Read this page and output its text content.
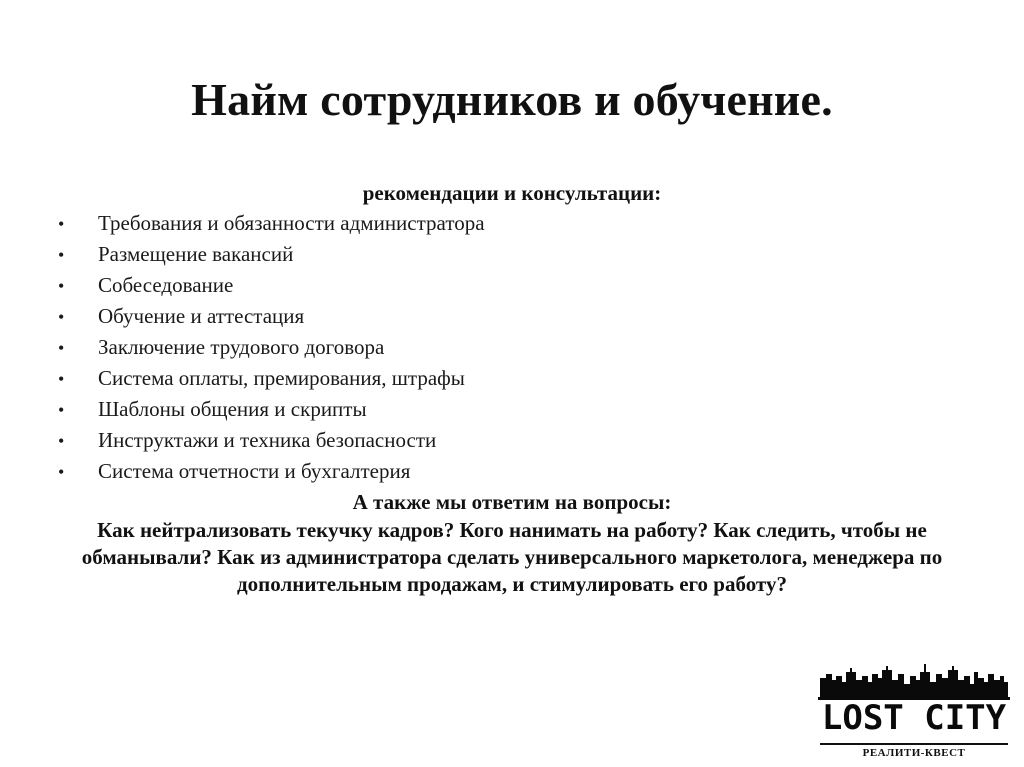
Найм сотрудников и обучение.
рекомендации и консультации:
•	Требования и обязанности администратора
•	Размещение вакансий
•	Собеседование
•	Обучение и аттестация
•	Заключение трудового договора
•	Система оплаты, премирования, штрафы
•	Шаблоны общения и скрипты
•	Инструктажи и техника безопасности
•	Система отчетности и бухгалтерия
А также мы ответим на вопросы:
Как нейтрализовать текучку кадров? Кого нанимать на работу? Как следить, чтобы не обманывали? Как из администратора сделать универсального маркетолога, менеджера по дополнительным продажам, и стимулировать его работу?
LOST CITY
РЕАЛИТИ-КВЕСТ
